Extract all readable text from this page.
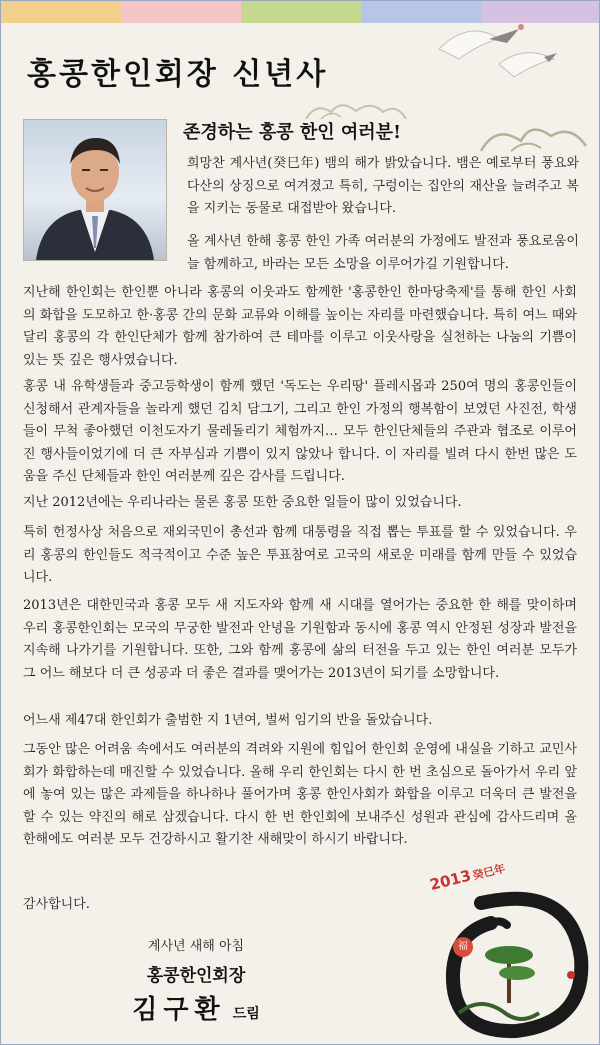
홍콩한인회장 신년사
존경하는 홍콩 한인 여러분!

희망찬 계사년(癸巳年) 뱀의 해가 밝았습니다. 뱀은 예로부터 풍요와 다산의 상징으로 여겨졌고 특히, 구렁이는 집안의 재산을 늘려주고 복을 지키는 동물로 대접받아 왔습니다.

올 계사년 한해 홍콩 한인 가족 여러분의 가정에도 발전과 풍요로움이 늘 함께하고, 바라는 모든 소망을 이루어가길 기원합니다.

지난해 한인회는 한인뿐 아니라 홍콩의 이웃과도 함께한 '홍콩한인 한마당축제'를 통해 한인 사회의 화합을 도모하고 한·홍콩 간의 문화 교류와 이해를 높이는 자리를 마련했습니다. 특히 여느 때와 달리 홍콩의 각 한인단체가 함께 참가하여 큰 테마를 이루고 이웃사랑을 실천하는 나눔의 기쁨이 있는 뜻 깊은 행사였습니다.

홍콩 내 유학생들과 중고등학생이 함께 했던 '독도는 우리땅' 플레시몹과 250여 명의 홍콩인들이 신청해서 관계자들을 놀라게 했던 김치 담그기, 그리고 한인 가정의 행복함이 보였던 사진전, 학생들이 무척 좋아했던 이천도자기 물레돌리기 체험까지… 모두 한인단체들의 주관과 협조로 이루어진 행사들이었기에 더 큰 자부심과 기쁨이 있지 않았나 합니다. 이 자리를 빌려 다시 한번 많은 도움을 주신 단체들과 한인 여러분께 깊은 감사를 드립니다.

지난 2012년에는 우리나라는 물론 홍콩 또한 중요한 일들이 많이 있었습니다.

특히 헌정사상 처음으로 재외국민이 총선과 함께 대통령을 직접 뽑는 투표를 할 수 있었습니다. 우리 홍콩의 한인들도 적극적이고 수준 높은 투표참여로 고국의 새로운 미래를 함께 만들 수 있었습니다.

2013년은 대한민국과 홍콩 모두 새 지도자와 함께 새 시대를 열어가는 중요한 한 해를 맞이하며 우리 홍콩한인회는 모국의 무궁한 발전과 안녕을 기원함과 동시에 홍콩 역시 안정된 성장과 발전을 지속해 나가기를 기원합니다. 또한, 그와 함께 홍콩에 삶의 터전을 두고 있는 한인 여러분 모두가 그 어느 해보다 더 큰 성공과 더 좋은 결과를 맺어가는 2013년이 되기를 소망합니다.

어느새 제47대 한인회가 출범한 지 1년여, 벌써 임기의 반을 돌았습니다.

그동안 많은 어려움 속에서도 여러분의 격려와 지원에 힘입어 한인회 운영에 내실을 기하고 교민사회가 화합하는데 매진할 수 있었습니다. 올해 우리 한인회는 다시 한 번 초심으로 돌아가서 우리 앞에 놓여 있는 많은 과제들을 하나하나 풀어가며 홍콩 한인사회가 화합을 이루고 더욱더 큰 발전을 할 수 있는 약진의 해로 삼겠습니다. 다시 한 번 한인회에 보내주신 성원과 관심에 감사드리며 올 한해에도 여러분 모두 건강하시고 활기찬 새해맞이 하시기 바랍니다.

감사합니다.
계사년 새해 아침
홍콩한인회장
김구환 드림
2013癸巳年
福
